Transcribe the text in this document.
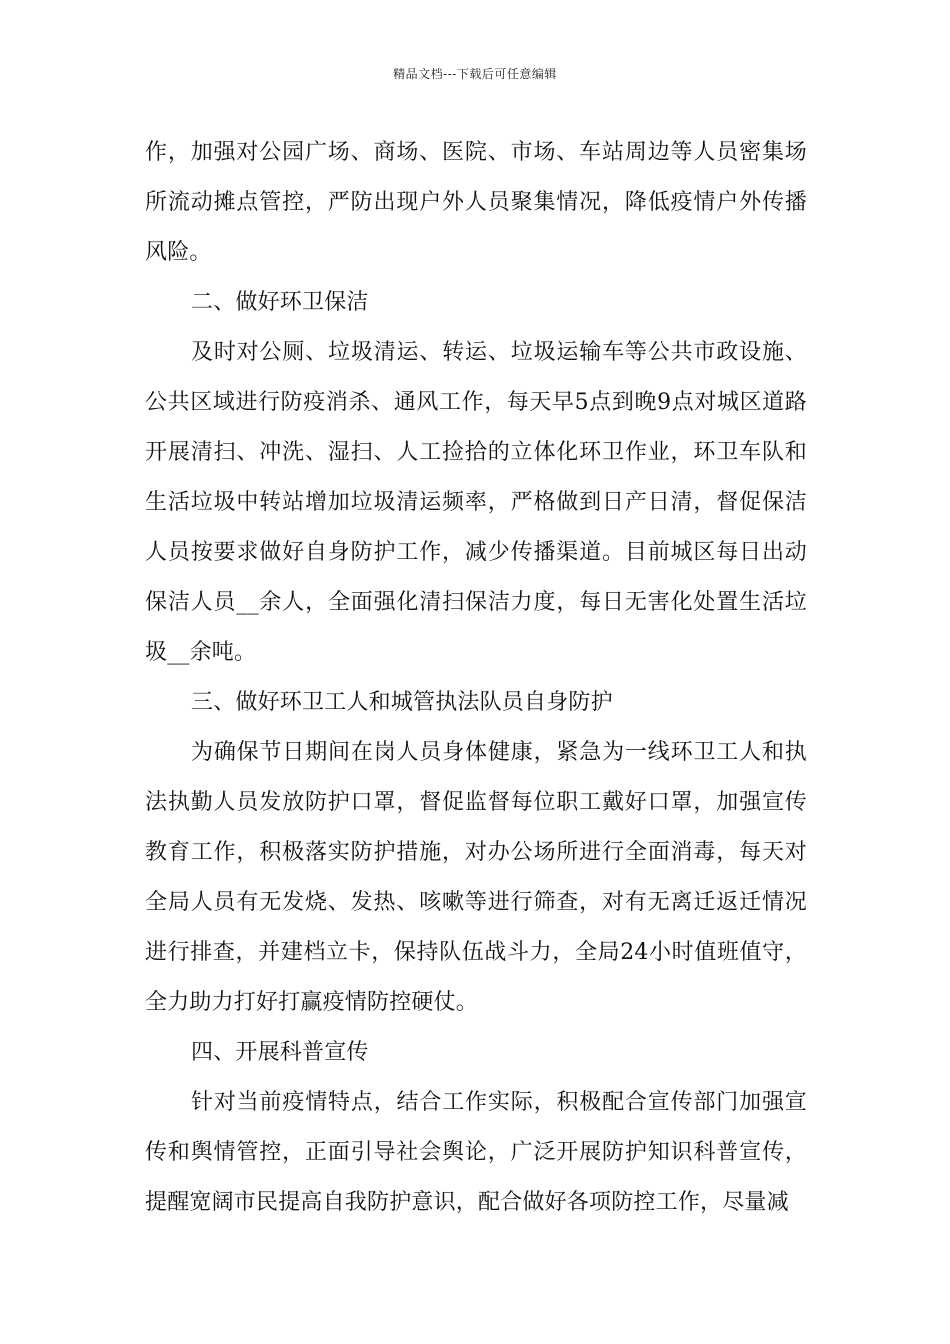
精品文档---下载后可任意编辑

作，加强对公园广场、商场、医院、市场、车站周边等人员密集场所流动摊点管控，严防出现户外人员聚集情况，降低疫情户外传播风险。

二、做好环卫保洁

及时对公厕、垃圾清运、转运、垃圾运输车等公共市政设施、公共区域进行防疫消杀、通风工作，每天早5点到晚9点对城区道路开展清扫、冲洗、湿扫、人工捡拾的立体化环卫作业，环卫车队和生活垃圾中转站增加垃圾清运频率，严格做到日产日清，督促保洁人员按要求做好自身防护工作，减少传播渠道。目前城区每日出动保洁人员__余人，全面强化清扫保洁力度，每日无害化处置生活垃圾__余吨。

三、做好环卫工人和城管执法队员自身防护

为确保节日期间在岗人员身体健康，紧急为一线环卫工人和执法执勤人员发放防护口罩，督促监督每位职工戴好口罩，加强宣传教育工作，积极落实防护措施，对办公场所进行全面消毒，每天对全局人员有无发烧、发热、咳嗽等进行筛查，对有无离迁返迁情况进行排查，并建档立卡，保持队伍战斗力，全局24小时值班值守，全力助力打好打赢疫情防控硬仗。

四、开展科普宣传

针对当前疫情特点，结合工作实际，积极配合宣传部门加强宣传和舆情管控，正面引导社会舆论，广泛开展防护知识科普宣传，提醒宽阔市民提高自我防护意识，配合做好各项防控工作，尽量减
